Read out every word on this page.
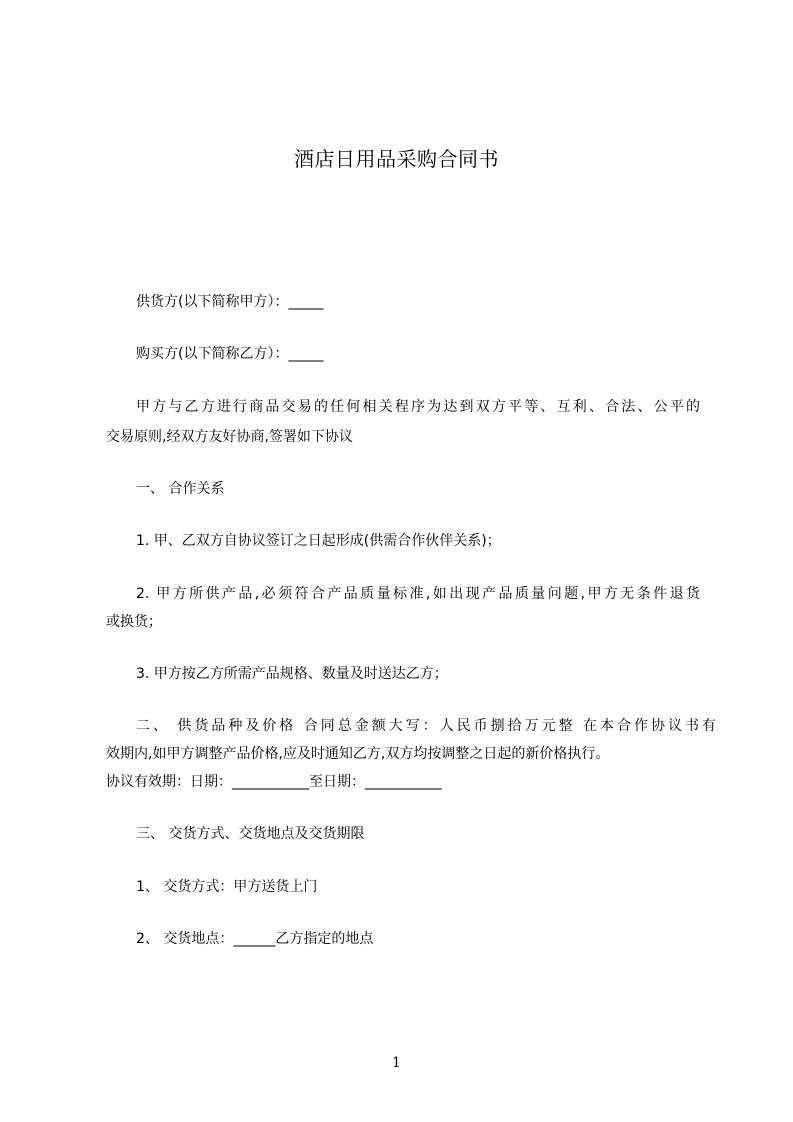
酒店日用品采购合同书
供货方(以下简称甲方）：_____
购买方(以下简称乙方）：_____
甲方与乙方进行商品交易的任何相关程序为达到双方平等、互利、合法、公平的
交易原则,经双方友好协商,签署如下协议
一、 合作关系
1. 甲、乙双方自协议签订之日起形成(供需合作伙伴关系)；
2. 甲方所供产品,必须符合产品质量标准,如出现产品质量问题,甲方无条件退货
或换货；
3. 甲方按乙方所需产品规格、数量及时送达乙方；
二、 供货品种及价格 合同总金额大写：人民币捌拾万元整 在本合作协议书有
效期内,如甲方调整产品价格,应及时通知乙方,双方均按调整之日起的新价格执行。
协议有效期：日期：___________至日期：___________
三、 交货方式、交货地点及交货期限
1、 交货方式：甲方送货上门
2、 交货地点：______乙方指定的地点
1
